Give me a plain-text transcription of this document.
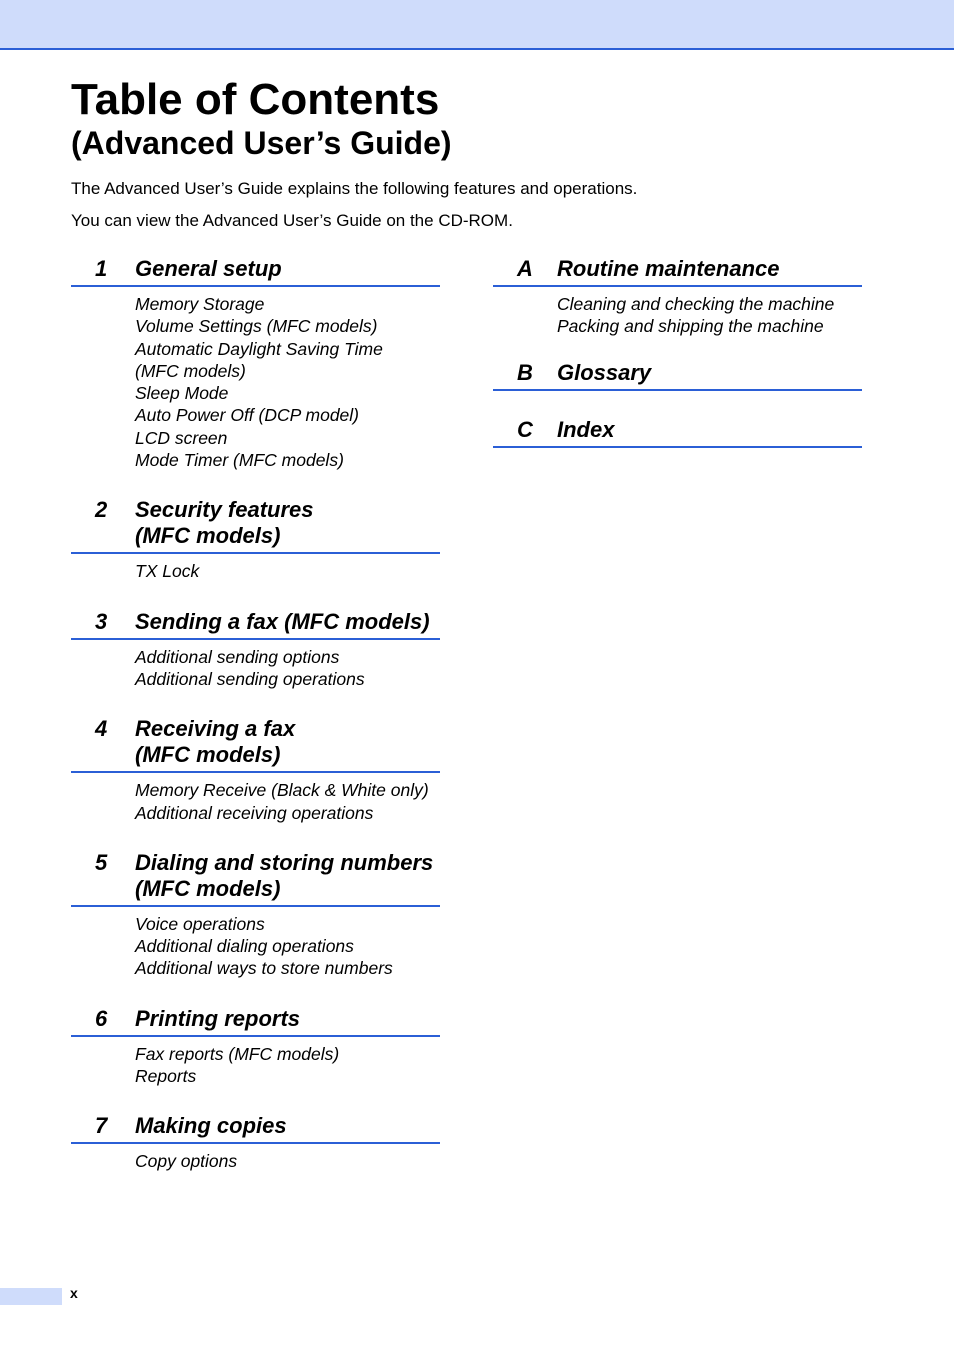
Table of Contents
(Advanced User’s Guide)

The Advanced User’s Guide explains the following features and operations.

You can view the Advanced User’s Guide on the CD-ROM.

1	General setup
Memory Storage
Volume Settings (MFC models)
Automatic Daylight Saving Time
(MFC models)
Sleep Mode
Auto Power Off (DCP model)
LCD screen
Mode Timer (MFC models)
2	Security features
(MFC models)
TX Lock
3	Sending a fax (MFC models)
Additional sending options
Additional sending operations
4	Receiving a fax
(MFC models)
Memory Receive (Black & White only)
Additional receiving operations
5	Dialing and storing numbers
(MFC models)
Voice operations
Additional dialing operations
Additional ways to store numbers
6	Printing reports
Fax reports (MFC models)
Reports
7	Making copies
Copy options
A	Routine maintenance
Cleaning and checking the machine
Packing and shipping the machine
B	Glossary
C	Index
x
